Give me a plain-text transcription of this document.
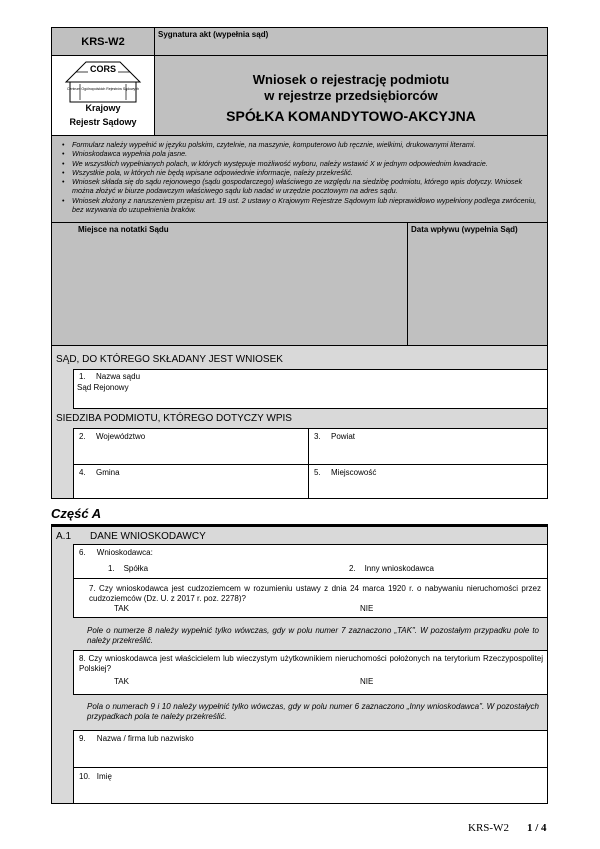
KRS-W2
Sygnatura akt (wypełnia sąd)
CORS
Centrum Ogólnopolskich Rejestrów Sądowych
Krajowy
Rejestr Sądowy
Wniosek o rejestrację podmiotu
w rejestrze przedsiębiorców
SPÓŁKA KOMANDYTOWO-AKCYJNA
• Formularz należy wypełnić w języku polskim, czytelnie, na maszynie, komputerowo lub ręcznie, wielkimi, drukowanymi literami.
• Wnioskodawca wypełnia pola jasne.
• We wszystkich wypełnianych polach, w których występuje możliwość wyboru, należy wstawić X w jednym odpowiednim kwadracie.
• Wszystkie pola, w których nie będą wpisane odpowiednie informacje, należy przekreślić.
• Wniosek składa się do sądu rejonowego (sądu gospodarczego) właściwego ze względu na siedzibę podmiotu, którego wpis dotyczy. Wniosek można złożyć w biurze podawczym właściwego sądu lub nadać w urzędzie pocztowym na adres sądu.
• Wniosek złożony z naruszeniem przepisu art. 19 ust. 2 ustawy o Krajowym Rejestrze Sądowym lub nieprawidłowo wypełniony podlega zwróceniu, bez wzywania do uzupełnienia braków.
Miejsce na notatki Sądu	Data wpływu (wypełnia Sąd)
SĄD, DO KTÓREGO SKŁADANY JEST WNIOSEK
1. Nazwa sądu
Sąd Rejonowy
SIEDZIBA PODMIOTU, KTÓREGO DOTYCZY WPIS
2. Województwo	3. Powiat
4. Gmina	5. Miejscowość
Część A
A.1 DANE WNIOSKODAWCY
6.     Wnioskodawca:
1.    Spółka	2.    Inny wnioskodawca
7. Czy wnioskodawca jest cudzoziemcem w rozumieniu ustawy z dnia 24 marca 1920 r. o nabywaniu nieruchomości przez cudzoziemców (Dz. U. z 2017 r. poz. 2278)?
TAK	NIE
Pole o numerze 8 należy wypełnić tylko wówczas, gdy w polu numer 7 zaznaczono „TAK". W pozostałym przypadku pole to należy przekreślić.
8. Czy wnioskodawca jest właścicielem lub wieczystym użytkownikiem nieruchomości położonych na terytorium Rzeczypospolitej Polskiej?
TAK	NIE
Pola o numerach 9 i 10 należy wypełnić tylko wówczas, gdy w polu numer 6 zaznaczono „Inny wnioskodawca". W pozostałych przypadkach pola te należy przekreślić.
9.     Nazwa / firma lub nazwisko
10.   Imię
KRS-W2 1 / 4
